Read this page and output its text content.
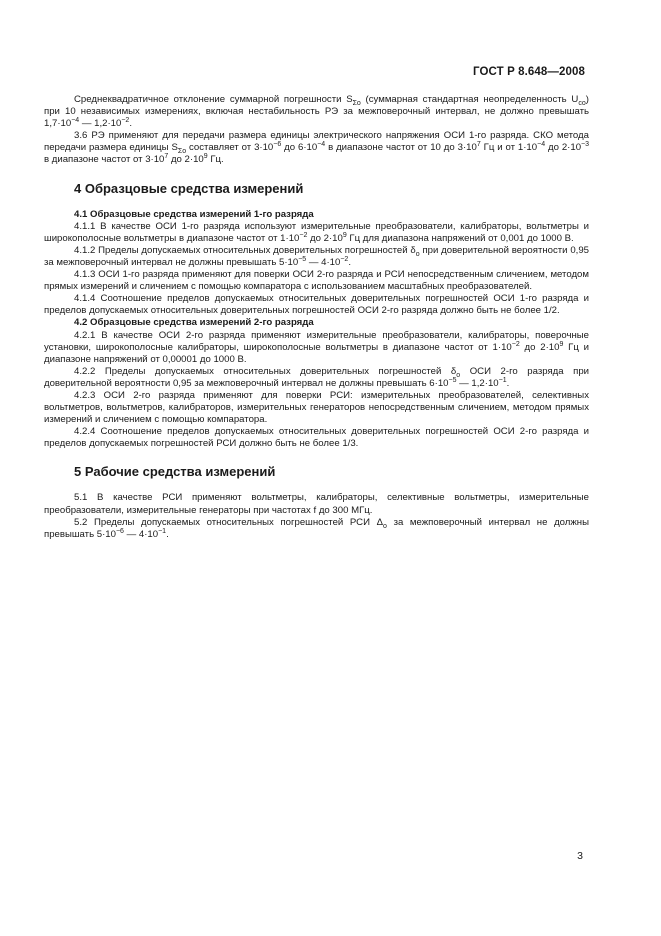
ГОСТ Р 8.648—2008

Среднеквадратичное отклонение суммарной погрешности $S_{\Sigma о}$ (суммарная стандартная неопределенность $U_{со}$) при 10 независимых измерениях, включая нестабильность РЭ за межповерочный интервал, не должно превышать $1,7\cdot 10^{-4}$ — $1,2\cdot 10^{-2}$.

3.6 РЭ применяют для передачи размера единицы электрического напряжения ОСИ 1-го разряда. СКО метода передачи размера единицы $S_{\Sigma о}$ составляет от $3\cdot 10^{-6}$ до $6\cdot 10^{-4}$ в диапазоне частот от 10 до $3\cdot 10^7$ Гц и от $1\cdot 10^{-4}$ до $2\cdot 10^{-3}$ в диапазоне частот от $3\cdot 10^7$ до $2\cdot 10^9$ Гц.

4 Образцовые средства измерений

4.1 Образцовые средства измерений 1-го разряда

4.1.1 В качестве ОСИ 1-го разряда используют измерительные преобразователи, калибраторы, вольтметры и широкополосные вольтметры в диапазоне частот от $1\cdot 10^{-2}$ до $2\cdot 10^9$ Гц для диапазона напряжений от 0,001 до 1000 В.

4.1.2 Пределы допускаемых относительных доверительных погрешностей $\delta_о$ при доверительной вероятности 0,95 за межповерочный интервал не должны превышать $5\cdot 10^{-5}$ — $4\cdot 10^{-2}$.

4.1.3 ОСИ 1-го разряда применяют для поверки ОСИ 2-го разряда и РСИ непосредственным сличением, методом прямых измерений и сличением с помощью компаратора с использованием масштабных преобразователей.

4.1.4 Соотношение пределов допускаемых относительных доверительных погрешностей ОСИ 1-го разряда и пределов допускаемых относительных доверительных погрешностей ОСИ 2-го разряда должно быть не более 1/2.

4.2 Образцовые средства измерений 2-го разряда

4.2.1 В качестве ОСИ 2-го разряда применяют измерительные преобразователи, калибраторы, поверочные установки, широкополосные калибраторы, широкополосные вольтметры в диапазоне частот от $1\cdot 10^{-2}$ до $2\cdot 10^9$ Гц и диапазоне напряжений от 0,00001 до 1000 В.

4.2.2 Пределы допускаемых относительных доверительных погрешностей $\delta_о$ ОСИ 2-го разряда при доверительной вероятности 0,95 за межповерочный интервал не должны превышать $6\cdot 10^{-5}$ — $1,2\cdot 10^{-1}$.

4.2.3 ОСИ 2-го разряда применяют для поверки РСИ: измерительных преобразователей, селективных вольтметров, вольтметров, калибраторов, измерительных генераторов непосредственным сличением, методом прямых измерений и сличением с помощью компаратора.

4.2.4 Соотношение пределов допускаемых относительных доверительных погрешностей ОСИ 2-го разряда и пределов допускаемых погрешностей РСИ должно быть не более 1/3.

5 Рабочие средства измерений

5.1 В качестве РСИ применяют вольтметры, калибраторы, селективные вольтметры, измерительные преобразователи, измерительные генераторы при частотах f до 300 МГц.

5.2 Пределы допускаемых относительных погрешностей РСИ $\Delta_о$ за межповерочный интервал не должны превышать $5\cdot 10^{-6}$ — $4\cdot 10^{-1}$.

3
